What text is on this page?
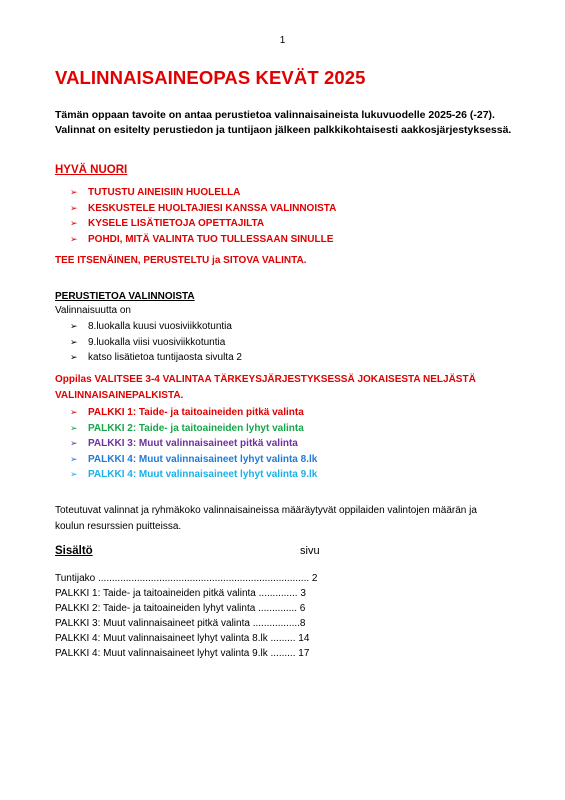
1
VALINNAISAINEOPAS KEVÄT 2025
Tämän oppaan tavoite on antaa perustietoa valinnaisaineista lukuvuodelle 2025-26 (-27).
Valinnat on esitelty perustiedon ja tuntijaon jälkeen palkkikohtaisesti aakkosjärjestyksessä.
HYVÄ NUORI
➢	TUTUSTU AINEISIIN HUOLELLA
➢	KESKUSTELE HUOLTAJIESI KANSSA VALINNOISTA
➢	KYSELE LISÄTIETOJA OPETTAJILTA
➢	POHDI, MITÄ VALINTA TUO TULLESSAAN SINULLE
TEE ITSENÄINEN, PERUSTELTU ja SITOVA VALINTA.
PERUSTIETOA VALINNOISTA
Valinnaisuutta on
➢	8.luokalla kuusi vuosiviikkotuntia
➢	9.luokalla viisi vuosiviikkotuntia
➢	katso lisätietoa tuntijaosta sivulta 2
Oppilas VALITSEE 3-4 VALINTAA TÄRKEYSJÄRJESTYKSESSÄ JOKAISESTA NELJÄSTÄ
VALINNAISAINEPALKISTA.
➢	PALKKI 1: Taide- ja taitoaineiden pitkä valinta
➢	PALKKI 2: Taide- ja taitoaineiden lyhyt valinta
➢	PALKKI 3: Muut valinnaisaineet pitkä valinta
➢	PALKKI 4: Muut valinnaisaineet lyhyt valinta 8.lk
➢	PALKKI 4: Muut valinnaisaineet lyhyt valinta 9.lk
Toteutuvat valinnat ja ryhmäkoko valinnaisaineissa määräytyvät oppilaiden valintojen määrän ja
koulun resurssien puitteissa.
Sisältö	sivu
Tuntijako ............................................................................ 2
PALKKI 1: Taide- ja taitoaineiden pitkä valinta .............. 3
PALKKI 2: Taide- ja taitoaineiden lyhyt valinta .............. 6
PALKKI 3: Muut valinnaisaineet pitkä valinta .................8
PALKKI 4: Muut valinnaisaineet lyhyt valinta 8.lk ......... 14
PALKKI 4: Muut valinnaisaineet lyhyt valinta 9.lk ......... 17
